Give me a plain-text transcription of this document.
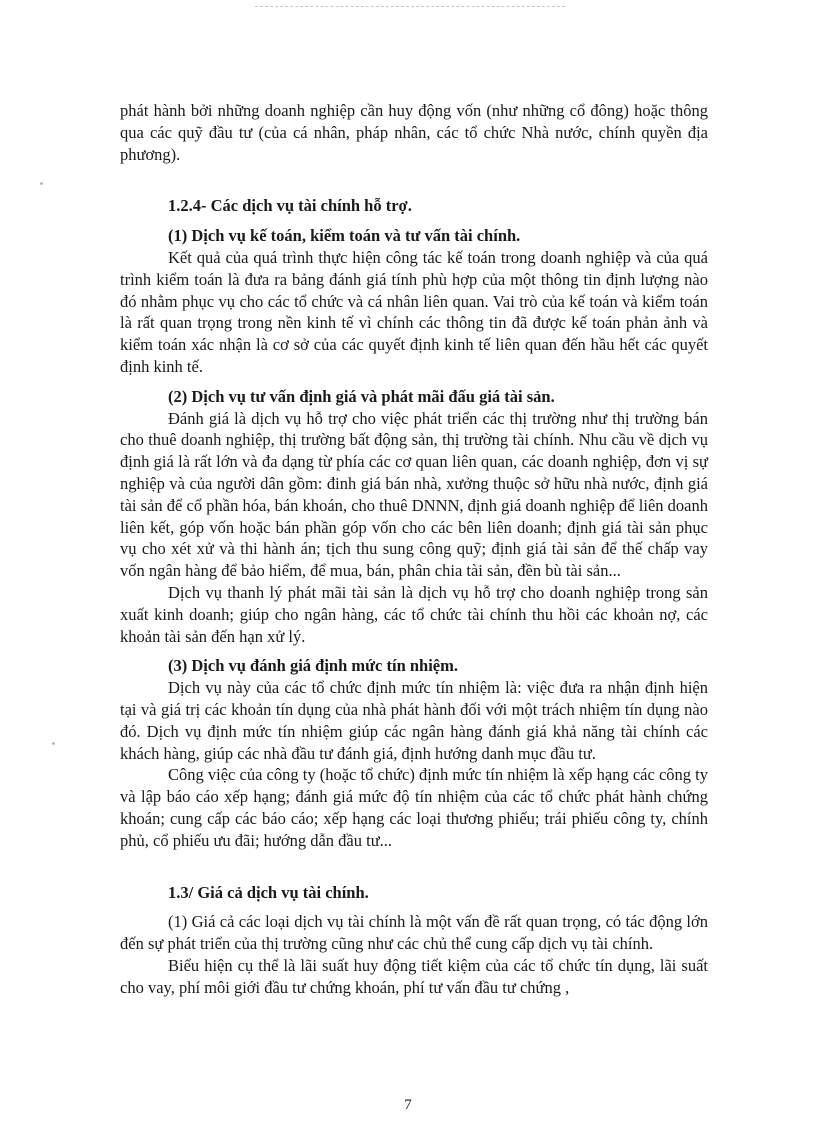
phát hành bởi những doanh nghiệp cần huy động vốn (như những cổ đông) hoặc thông qua các quỹ đầu tư (của cá nhân, pháp nhân, các tổ chức Nhà nước, chính quyền địa phương).

1.2.4- Các dịch vụ tài chính hỗ trợ.

(1) Dịch vụ kế toán, kiểm toán và tư vấn tài chính.

Kết quả của quá trình thực hiện công tác kế toán trong doanh nghiệp và của quá trình kiểm toán là đưa ra bảng đánh giá tính phù hợp của một thông tin định lượng nào đó nhằm phục vụ cho các tổ chức và cá nhân liên quan. Vai trò của kế toán và kiểm toán là rất quan trọng trong nền kinh tế vì chính các thông tin đã được kế toán phản ảnh và kiểm toán xác nhận là cơ sở của các quyết định kinh tế liên quan đến hầu hết các quyết định kinh tế.

(2) Dịch vụ tư vấn định giá và phát mãi đấu giá tài sản.

Đánh giá là dịch vụ hỗ trợ cho việc phát triển các thị trường như thị trường bán cho thuê doanh nghiệp, thị trường bất động sản, thị trường tài chính. Nhu cầu về dịch vụ định giá là rất lớn và đa dạng từ phía các cơ quan liên quan, các doanh nghiệp, đơn vị sự nghiệp và của người dân gồm: đinh giá bán nhà, xưởng thuộc sở hữu nhà nước, định giá tài sản để cổ phần hóa, bán khoán, cho thuê DNNN, định giá doanh nghiệp để liên doanh liên kết, góp vốn hoặc bán phần góp vốn cho các bên liên doanh; định giá tài sản phục vụ cho xét xử và thi hành án; tịch thu sung công quỹ; định giá tài sản để thế chấp vay vốn ngân hàng để bảo hiểm, để mua, bán, phân chia tài sản, đền bù tài sản...

Dịch vụ thanh lý phát mãi tài sản là dịch vụ hỗ trợ cho doanh nghiệp trong sản xuất kinh doanh; giúp cho ngân hàng, các tổ chức tài chính thu hồi các khoản nợ, các khoản tài sản đến hạn xử lý.

(3) Dịch vụ đánh giá định mức tín nhiệm.

Dịch vụ này của các tổ chức định mức tín nhiệm là: việc đưa ra nhận định hiện tại và giá trị các khoản tín dụng của nhà phát hành đối với một trách nhiệm tín dụng nào đó. Dịch vụ định mức tín nhiệm giúp các ngân hàng đánh giá khả năng tài chính các khách hàng, giúp các nhà đầu tư đánh giá, định hướng danh mục đầu tư.

Công việc của công ty (hoặc tổ chức) định mức tín nhiệm là xếp hạng các công ty và lập báo cáo xếp hạng; đánh giá mức độ tín nhiệm của các tổ chức phát hành chứng khoán; cung cấp các báo cáo; xếp hạng các loại thương phiếu; trái phiếu công ty, chính phủ, cổ phiếu ưu đãi; hướng dẫn đầu tư...

1.3/ Giá cả dịch vụ tài chính.

(1) Giá cả các loại dịch vụ tài chính là một vấn đề rất quan trọng, có tác động lớn đến sự phát triển của thị trường cũng như các chủ thể cung cấp dịch vụ tài chính.

Biểu hiện cụ thể là lãi suất huy động tiết kiệm của các tổ chức tín dụng, lãi suất cho vay, phí môi giới đầu tư chứng khoán, phí tư vấn đầu tư chứng ,

7
